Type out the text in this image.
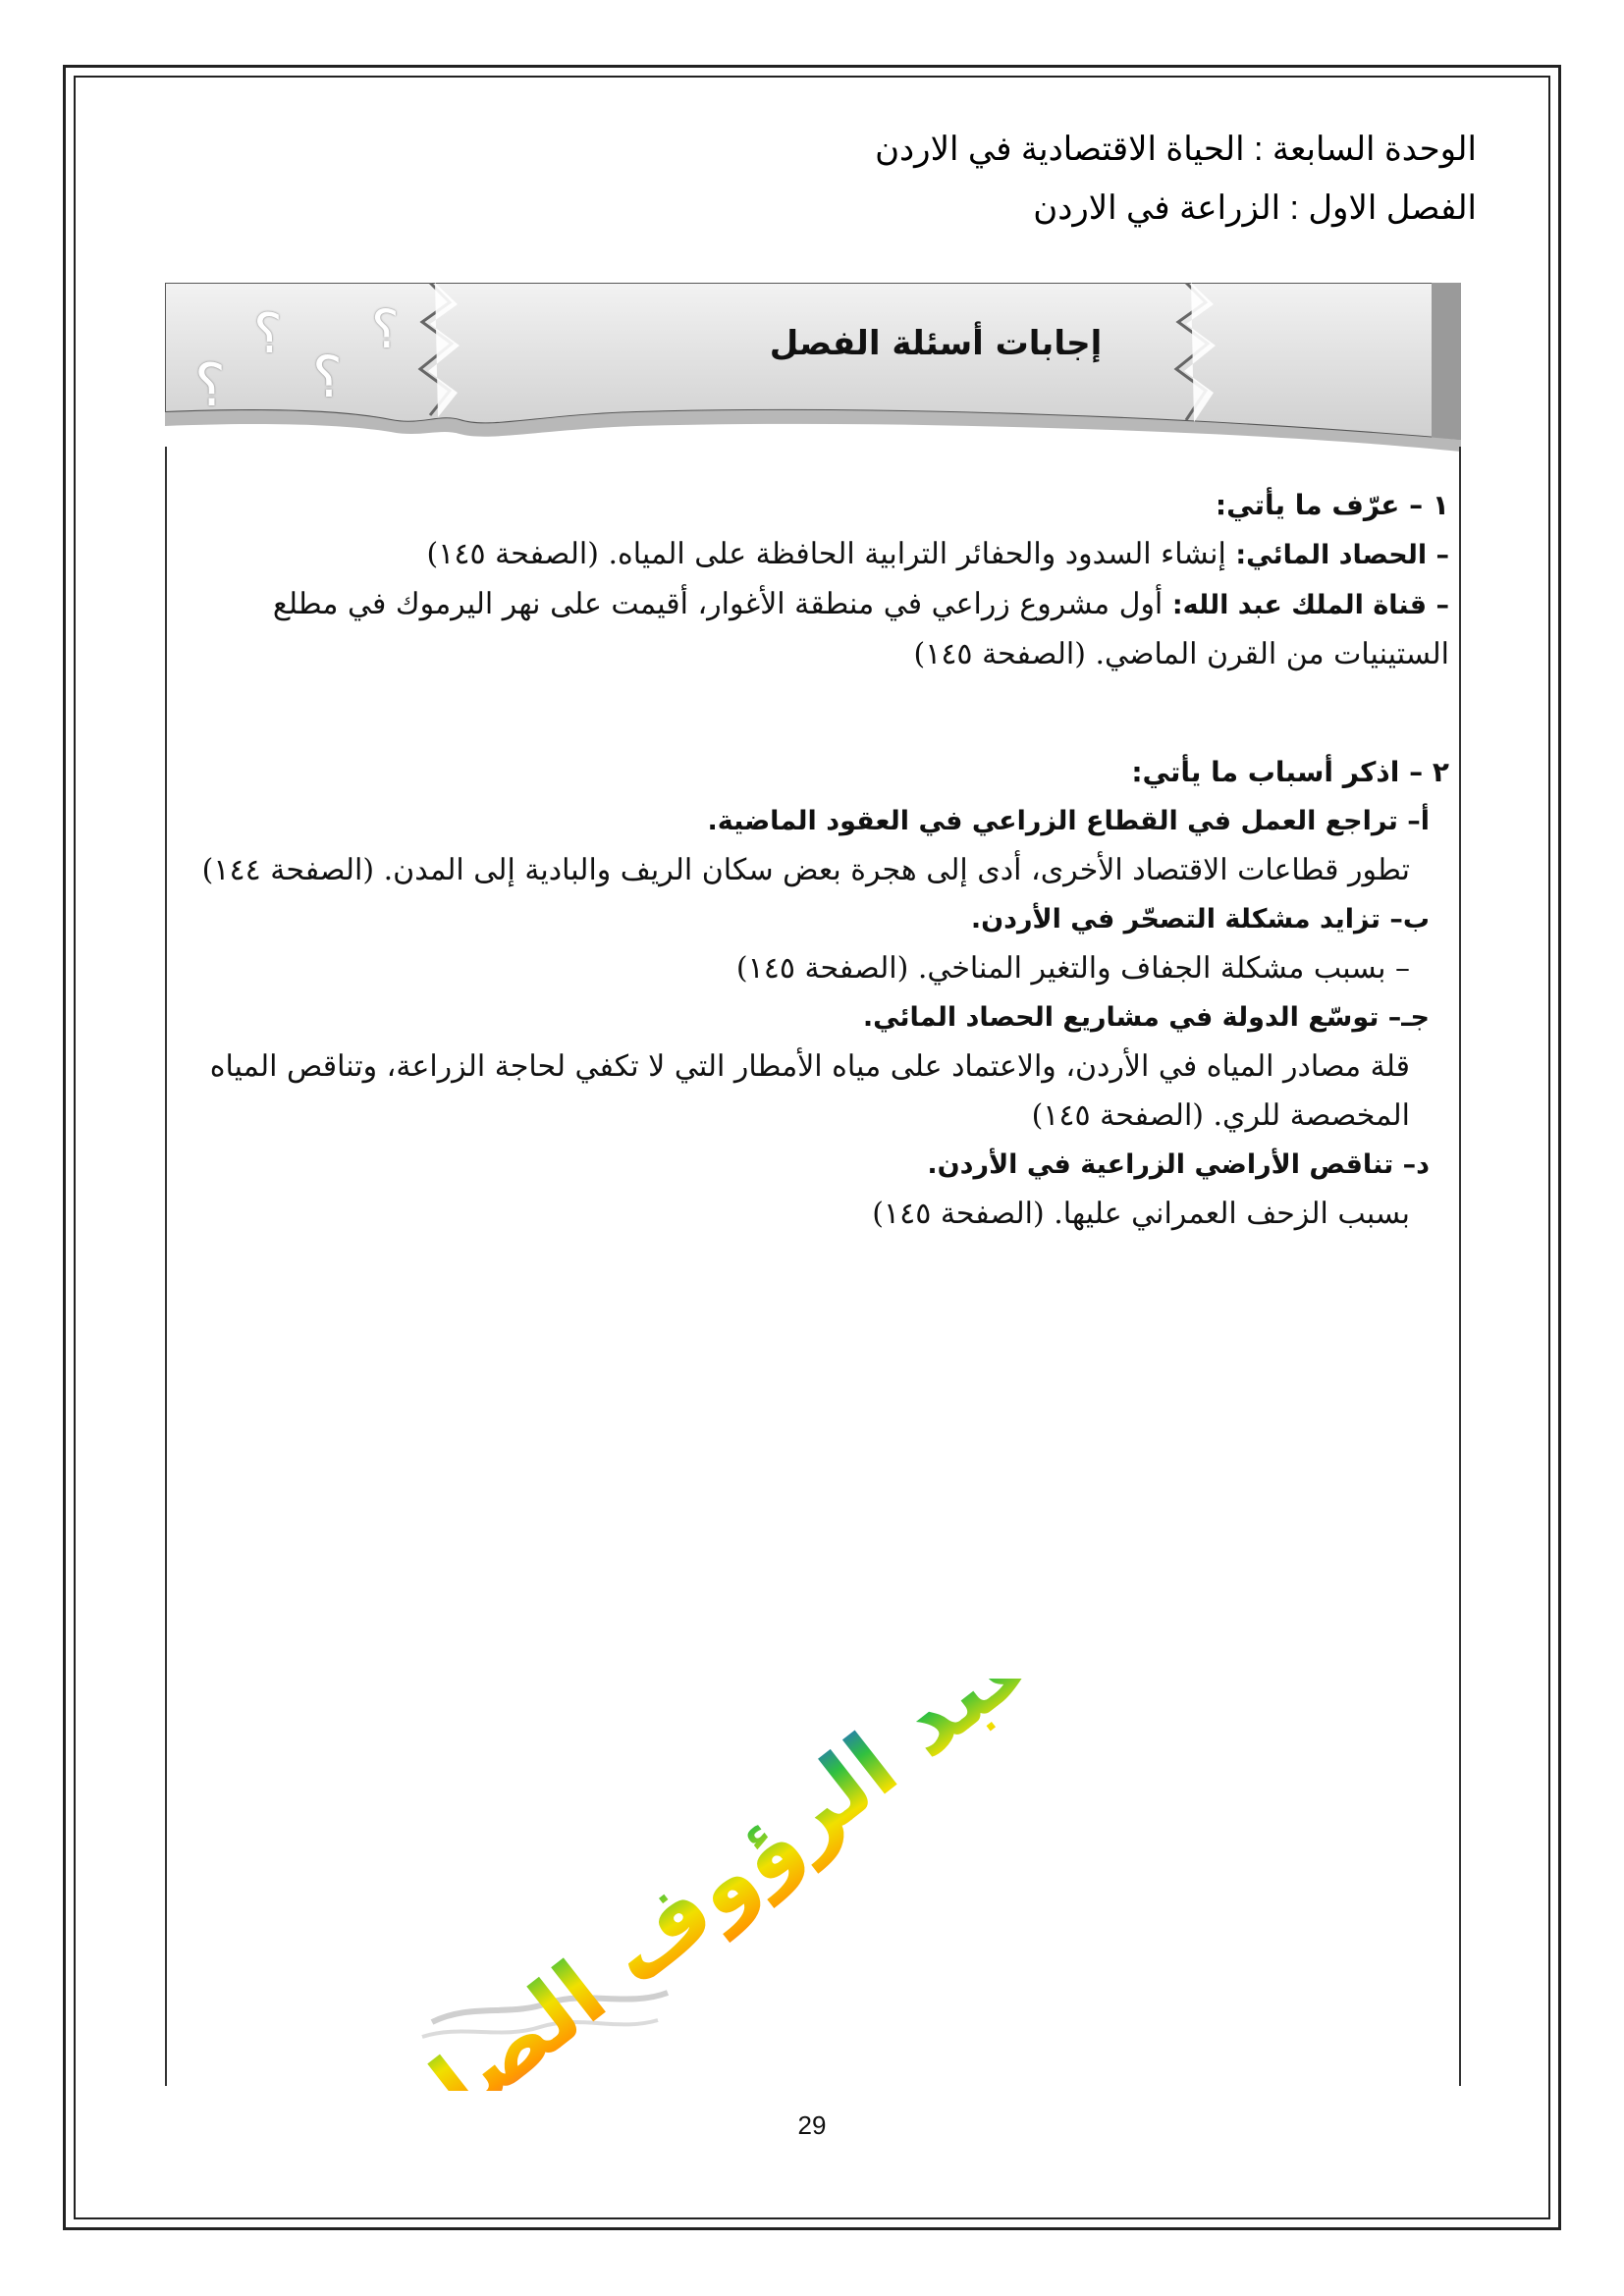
الوحدة السابعة : الحياة الاقتصادية في الاردن
الفصل الاول : الزراعة في الاردن
؟
؟
؟
؟	إجابات أسئلة الفصل

١ – عرّف ما يأتي:

– الحصاد المائي: إنشاء السدود والحفائر الترابية الحافظة على المياه. (الصفحة ١٤٥)

– قناة الملك عبد الله: أول مشروع زراعي في منطقة الأغوار، أقيمت على نهر اليرموك في مطلع الستينيات من القرن الماضي. (الصفحة ١٤٥)

٢ – اذكر أسباب ما يأتي:

أ– تراجع العمل في القطاع الزراعي في العقود الماضية.

تطور قطاعات الاقتصاد الأخرى، أدى إلى هجرة بعض سكان الريف والبادية إلى المدن. (الصفحة ١٤٤)

ب– تزايد مشكلة التصحّر في الأردن.

– بسبب مشكلة الجفاف والتغير المناخي. (الصفحة ١٤٥)

جـ– توسّع الدولة في مشاريع الحصاد المائي.

قلة مصادر المياه في الأردن، والاعتماد على مياه الأمطار التي لا تكفي لحاجة الزراعة، وتناقص المياه المخصصة للري. (الصفحة ١٤٥)

د– تناقص الأراضي الزراعية في الأردن.

بسبب الزحف العمراني عليها. (الصفحة ١٤٥)

عبد الرؤوف
29
